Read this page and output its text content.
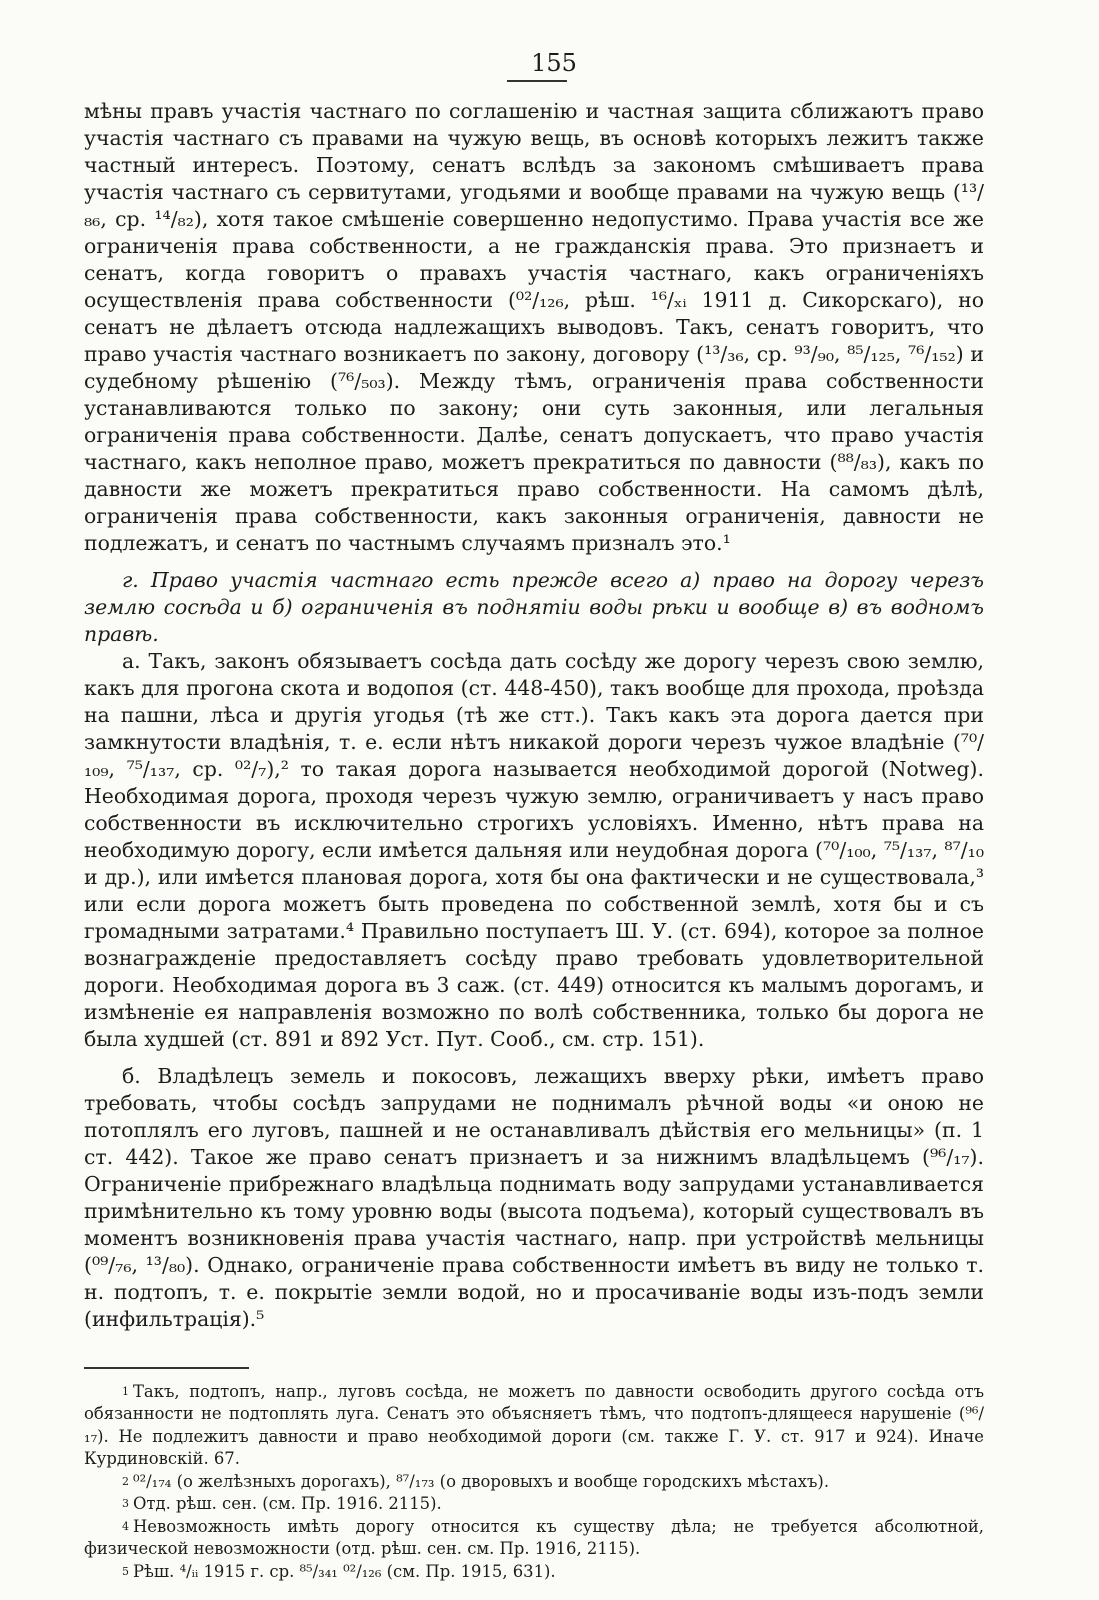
155

мѣны правъ участія частнаго по соглашенію и частная защита сближаютъ право участія частнаго съ правами на чужую вещь, въ основѣ которыхъ лежитъ также частный интересъ. Поэтому, сенатъ вслѣдъ за закономъ смѣшиваетъ права участія частнаго съ сервитутами, угодьями и вообще правами на чужую вещь (¹³/₈₆, ср. ¹⁴/₈₂), хотя такое смѣшеніе совершенно недопустимо. Права участія все же ограниченія права собственности, а не гражданскія права. Это признаетъ и сенатъ, когда говоритъ о правахъ участія частнаго, какъ ограниченіяхъ осуществленія права собственности (⁰²/₁₂₆, рѣш. ¹⁶/ₓᵢ 1911 д. Сикорскаго), но сенатъ не дѣлаетъ отсюда надлежащихъ выводовъ. Такъ, сенатъ говоритъ, что право участія частнаго возникаетъ по закону, договору (¹³/₃₆, ср. ⁹³/₉₀, ⁸⁵/₁₂₅, ⁷⁶/₁₅₂) и судебному рѣшенію (⁷⁶/₅₀₃). Между тѣмъ, ограниченія права собственности устанавливаются только по закону; они суть законныя, или легальныя ограниченія права собственности. Далѣе, сенатъ допускаетъ, что право участія частнаго, какъ неполное право, можетъ прекратиться по давности (⁸⁸/₈₃), какъ по давности же можетъ прекратиться право собственности. На самомъ дѣлѣ, ограниченія права собственности, какъ законныя ограниченія, давности не подлежатъ, и сенатъ по частнымъ случаямъ призналъ это.¹

г. Право участія частнаго есть прежде всего а) право на дорогу черезъ землю сосѣда и б) ограниченія въ поднятіи воды рѣки и вообще в) въ водномъ правѣ.

а. Такъ, законъ обязываетъ сосѣда дать сосѣду же дорогу черезъ свою землю, какъ для прогона скота и водопоя (ст. 448-450), такъ вообще для прохода, проѣзда на пашни, лѣса и другія угодья (тѣ же стт.). Такъ какъ эта дорога дается при замкнутости владѣнія, т. е. если нѣтъ никакой дороги черезъ чужое владѣніе (⁷⁰/₁₀₉, ⁷⁵/₁₃₇, ср. ⁰²/₇),² то такая дорога называется необходимой дорогой (Notweg). Необходимая дорога, проходя черезъ чужую землю, ограничиваетъ у насъ право собственности въ исключительно строгихъ условіяхъ. Именно, нѣтъ права на необходимую дорогу, если имѣется дальняя или неудобная дорога (⁷⁰/₁₀₀, ⁷⁵/₁₃₇, ⁸⁷/₁₀ и др.), или имѣется плановая дорога, хотя бы она фактически и не существовала,³ или если дорога можетъ быть проведена по собственной землѣ, хотя бы и съ громадными затратами.⁴ Правильно поступаетъ Ш. У. (ст. 694), которое за полное вознагражденіе предоставляетъ сосѣду право требовать удовлетворительной дороги. Необходимая дорога въ 3 саж. (ст. 449) относится къ малымъ дорогамъ, и измѣненіе ея направленія возможно по волѣ собственника, только бы дорога не была худшей (ст. 891 и 892 Уст. Пут. Сооб., см. стр. 151).

б. Владѣлецъ земель и покосовъ, лежащихъ вверху рѣки, имѣетъ право требовать, чтобы сосѣдъ запрудами не поднималъ рѣчной воды «и оною не потоплялъ его луговъ, пашней и не останавливалъ дѣйствія его мельницы» (п. 1 ст. 442). Такое же право сенатъ признаетъ и за нижнимъ владѣльцемъ (⁹⁶/₁₇). Ограниченіе прибрежнаго владѣльца поднимать воду запрудами устанавливается примѣнительно къ тому уровню воды (высота подъема), который существовалъ въ моментъ возникновенія права участія частнаго, напр. при устройствѣ мельницы (⁰⁹/₇₆, ¹³/₈₀). Однако, ограниченіе права собственности имѣетъ въ виду не только т. н. подтопъ, т. е. покрытіе земли водой, но и просачиваніе воды изъ-подъ земли (инфильтрація).⁵

1 Такъ, подтопъ, напр., луговъ сосѣда, не можетъ по давности освободить другого сосѣда отъ обязанности не подтоплять луга. Сенатъ это объясняетъ тѣмъ, что подтопъ-длящееся нарушеніе (⁹⁶/₁₇). Не подлежитъ давности и право необходимой дороги (см. также Г. У. ст. 917 и 924). Иначе Курдиновскій. 67.

2 ⁰²/₁₇₄ (о желѣзныхъ дорогахъ), ⁸⁷/₁₇₃ (о дворовыхъ и вообще городскихъ мѣстахъ).

3 Отд. рѣш. сен. (см. Пр. 1916. 2115).

4 Невозможность имѣть дорогу относится къ существу дѣла; не требуется абсолютной, физической невозможности (отд. рѣш. сен. см. Пр. 1916, 2115).

5 Рѣш. ⁴/ᵢᵢ 1915 г. ср. ⁸⁵/₃₄₁ ⁰²/₁₂₆ (см. Пр. 1915, 631).
